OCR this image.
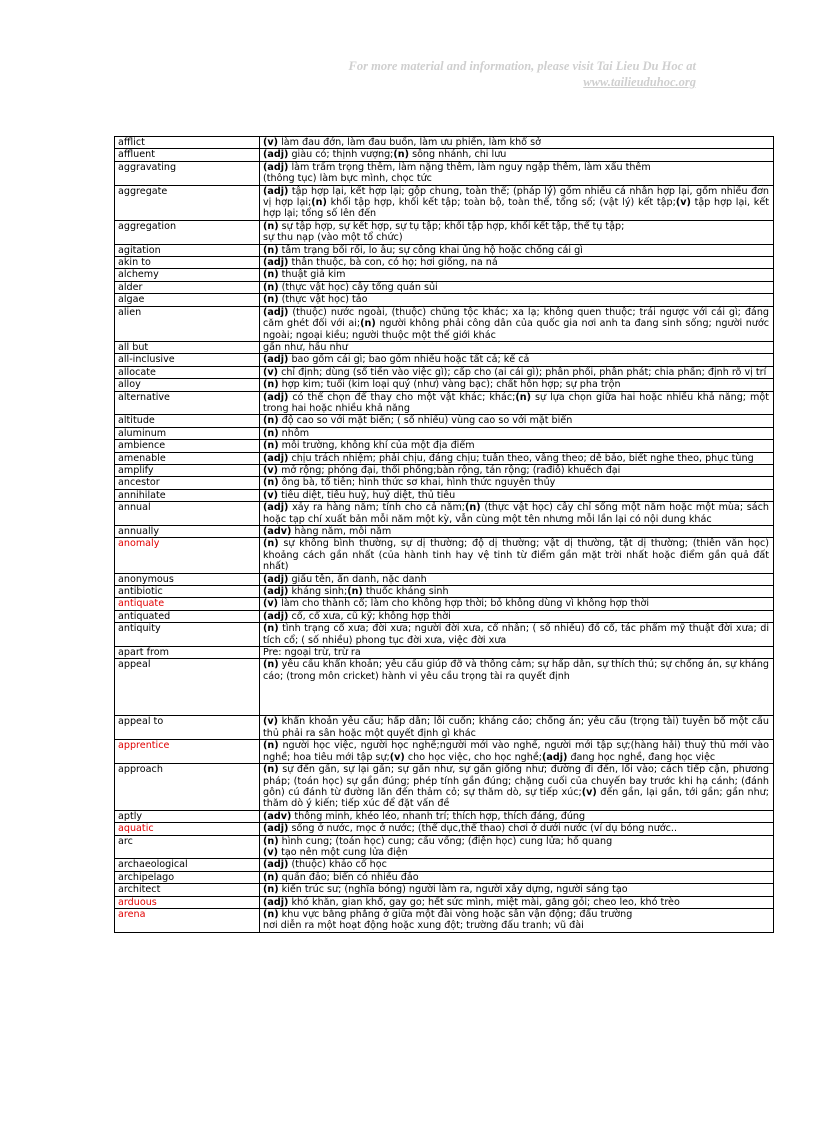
For more material and information, please visit Tai Lieu Du Hoc at
www.tailieuduhoc.org
afflict	(v) làm đau đớn, làm đau buồn, làm ưu phiền, làm khổ sở
affluent	(adj) giàu có; thịnh vượng;(n) sông nhánh, chi lưu
aggravating	(adj) làm trầm trọng thêm, làm nặng thêm, làm nguy ngập thêm, làm xấu thêm
(thông tục) làm bực mình, chọc tức
aggregate	(adj) tập hợp lại, kết hợp lại; gộp chung, toàn thể; (pháp lý) gồm nhiều cá nhân hợp lại, gồm nhiều đơn vị hợp lại;(n) khối tập hợp, khối kết tập; toàn bộ, toàn thể, tổng số; (vật lý) kết tập;(v) tập hợp lại, kết hợp lại; tổng số lên đến
aggregation	(n) sự tập hợp, sự kết hợp, sự tụ tập; khối tập hợp, khối kết tập, thể tụ tập;
sự thu nạp (vào một tổ chức)
agitation	(n) tâm trạng bối rối, lo âu; sự công khai ủng hộ hoặc chống cái gì
akin to	(adj) thân thuộc, bà con, có họ; hơi giống, na ná
alchemy	(n) thuật giả kim
alder	(n) (thực vật học) cây tống quán sủi
algae	(n) (thực vật học) tảo
alien	(adj) (thuộc) nước ngoài, (thuộc) chủng tộc khác; xa lạ; không quen thuộc; trái ngược với cái gì; đáng căm ghét đối với ai;(n) người không phải công dân của quốc gia nơi anh ta đang sinh sống; người nước ngoài; ngoại kiều; người thuộc một thế giới khác
all but	gần như, hầu như
all-inclusive	(adj) bao gồm cái gì; bao gồm nhiều hoặc tất cả; kể cả
allocate	(v) chỉ định; dùng (số tiền vào việc gì); cấp cho (ai cái gì); phân phối, phân phát; chia phần; định rõ vị trí
alloy	(n) hợp kim; tuổi (kim loại quý (như) vàng bạc); chất hỗn hợp; sự pha trộn
alternative	(adj) có thể chọn để thay cho một vật khác; khác;(n) sự lựa chọn giữa hai hoặc nhiều khả năng; một trong hai hoặc nhiều khả năng
altitude	(n) độ cao so với mặt biển; ( số nhiều) vùng cao so với mặt biển
aluminum	(n) nhôm
ambience	(n) môi trường, không khí của một địa điểm
amenable	(adj) chịu trách nhiệm; phải chịu, đáng chịu; tuân theo, vâng theo; dễ bảo, biết nghe theo, phục tùng
amplify	(v) mở rộng; phóng đại, thổi phồng;bàn rộng, tán rộng; (rađiô) khuếch đại
ancestor	(n) ông bà, tổ tiên; hình thức sơ khai, hình thức nguyên thủy
annihilate	(v) tiêu diệt, tiêu huỷ, huỷ diệt, thủ tiêu
annual	(adj) xảy ra hàng năm; tính cho cả năm;(n) (thực vật học) cây chỉ sống một năm hoặc một mùa; sách hoặc tạp chí xuất bản mỗi năm một kỳ, vẫn cùng một tên nhưng mỗi lần lại có nội dung khác
annually	(adv) hàng năm, mỗi năm
anomaly	(n) sự không bình thường, sự dị thường; độ dị thường; vật dị thường, tật dị thường; (thiên văn học) khoảng cách gần nhất (của hành tinh hay vệ tinh từ điểm gần mặt trời nhất hoặc điểm gần quả đất nhất)
anonymous	(adj) giấu tên, ẩn danh, nặc danh
antibiotic	(adj) kháng sinh;(n) thuốc kháng sinh
antiquate	(v) làm cho thành cổ; làm cho không hợp thời; bỏ không dùng vì không hợp thời
antiquated	(adj) cổ, cổ xưa, cũ kỹ; không hợp thời
antiquity	(n) tình trạng cổ xưa; đời xưa; người đời xưa, cổ nhân; ( số nhiều) đồ cổ, tác phẩm mỹ thuật đời xưa; di tích cổ; ( số nhiều) phong tục đời xưa, việc đời xưa
apart from	Pre: ngoại trừ, trừ ra
appeal	(n) yêu cầu khẩn khoản; yêu cầu giúp đỡ và thông cảm; sự hấp dẫn, sự thích thú; sự chống án, sự kháng cáo; (trong môn cricket) hành vi yêu cầu trọng tài ra quyết định
appeal to	(v) khẩn khoản yêu cầu; hấp dẫn; lôi cuốn; kháng cáo; chống án; yêu cầu (trọng tài) tuyên bố một cầu thủ phải ra sân hoặc một quyết định gì khác
apprentice	(n) người học việc, người học nghề;người mới vào nghề, người mới tập sự;(hàng hải) thuỷ thủ mới vào nghề; hoa tiêu mới tập sự;(v) cho học việc, cho học nghề;(adj) đang học nghề, đang học việc
approach	(n) sự đến gần, sự lại gần; sự gần như, sự gần giống như; đường đi đến, lối vào; cách tiếp cận, phương pháp; (toán học) sự gần đúng; phép tính gần đúng; chặng cuối của chuyến bay trước khi hạ cánh; (đánh gôn) cú đánh từ đường lăn đến thảm cỏ; sự thăm dò, sự tiếp xúc;(v) đến gần, lại gần, tới gần; gần như; thăm dò ý kiến; tiếp xúc để đặt vấn đề
aptly	(adv) thông minh, khéo léo, nhanh trí; thích hợp, thích đáng, đúng
aquatic	(adj) sống ở nước, mọc ở nước; (thể dục,thể thao) chơi ở dưới nước (ví dụ bóng nước..
arc	(n) hình cung; (toán học) cung; cầu vồng; (điện học) cung lửa; hồ quang
(v) tạo nên một cung lửa điện
archaeological	(adj) (thuộc) khảo cổ học
archipelago	(n) quần đảo; biển có nhiều đảo
architect	(n) kiến trúc sư; (nghĩa bóng) người làm ra, người xây dựng, người sáng tạo
arduous	(adj) khó khăn, gian khổ, gay go; hết sức mình, miệt mài, gắng gỏi; cheo leo, khó trèo
arena	(n) khu vực bằng phẳng ở giữa một đài vòng hoặc sân vận động; đấu trường
nơi diễn ra một hoạt động hoặc xung đột; trường đấu tranh; vũ đài
